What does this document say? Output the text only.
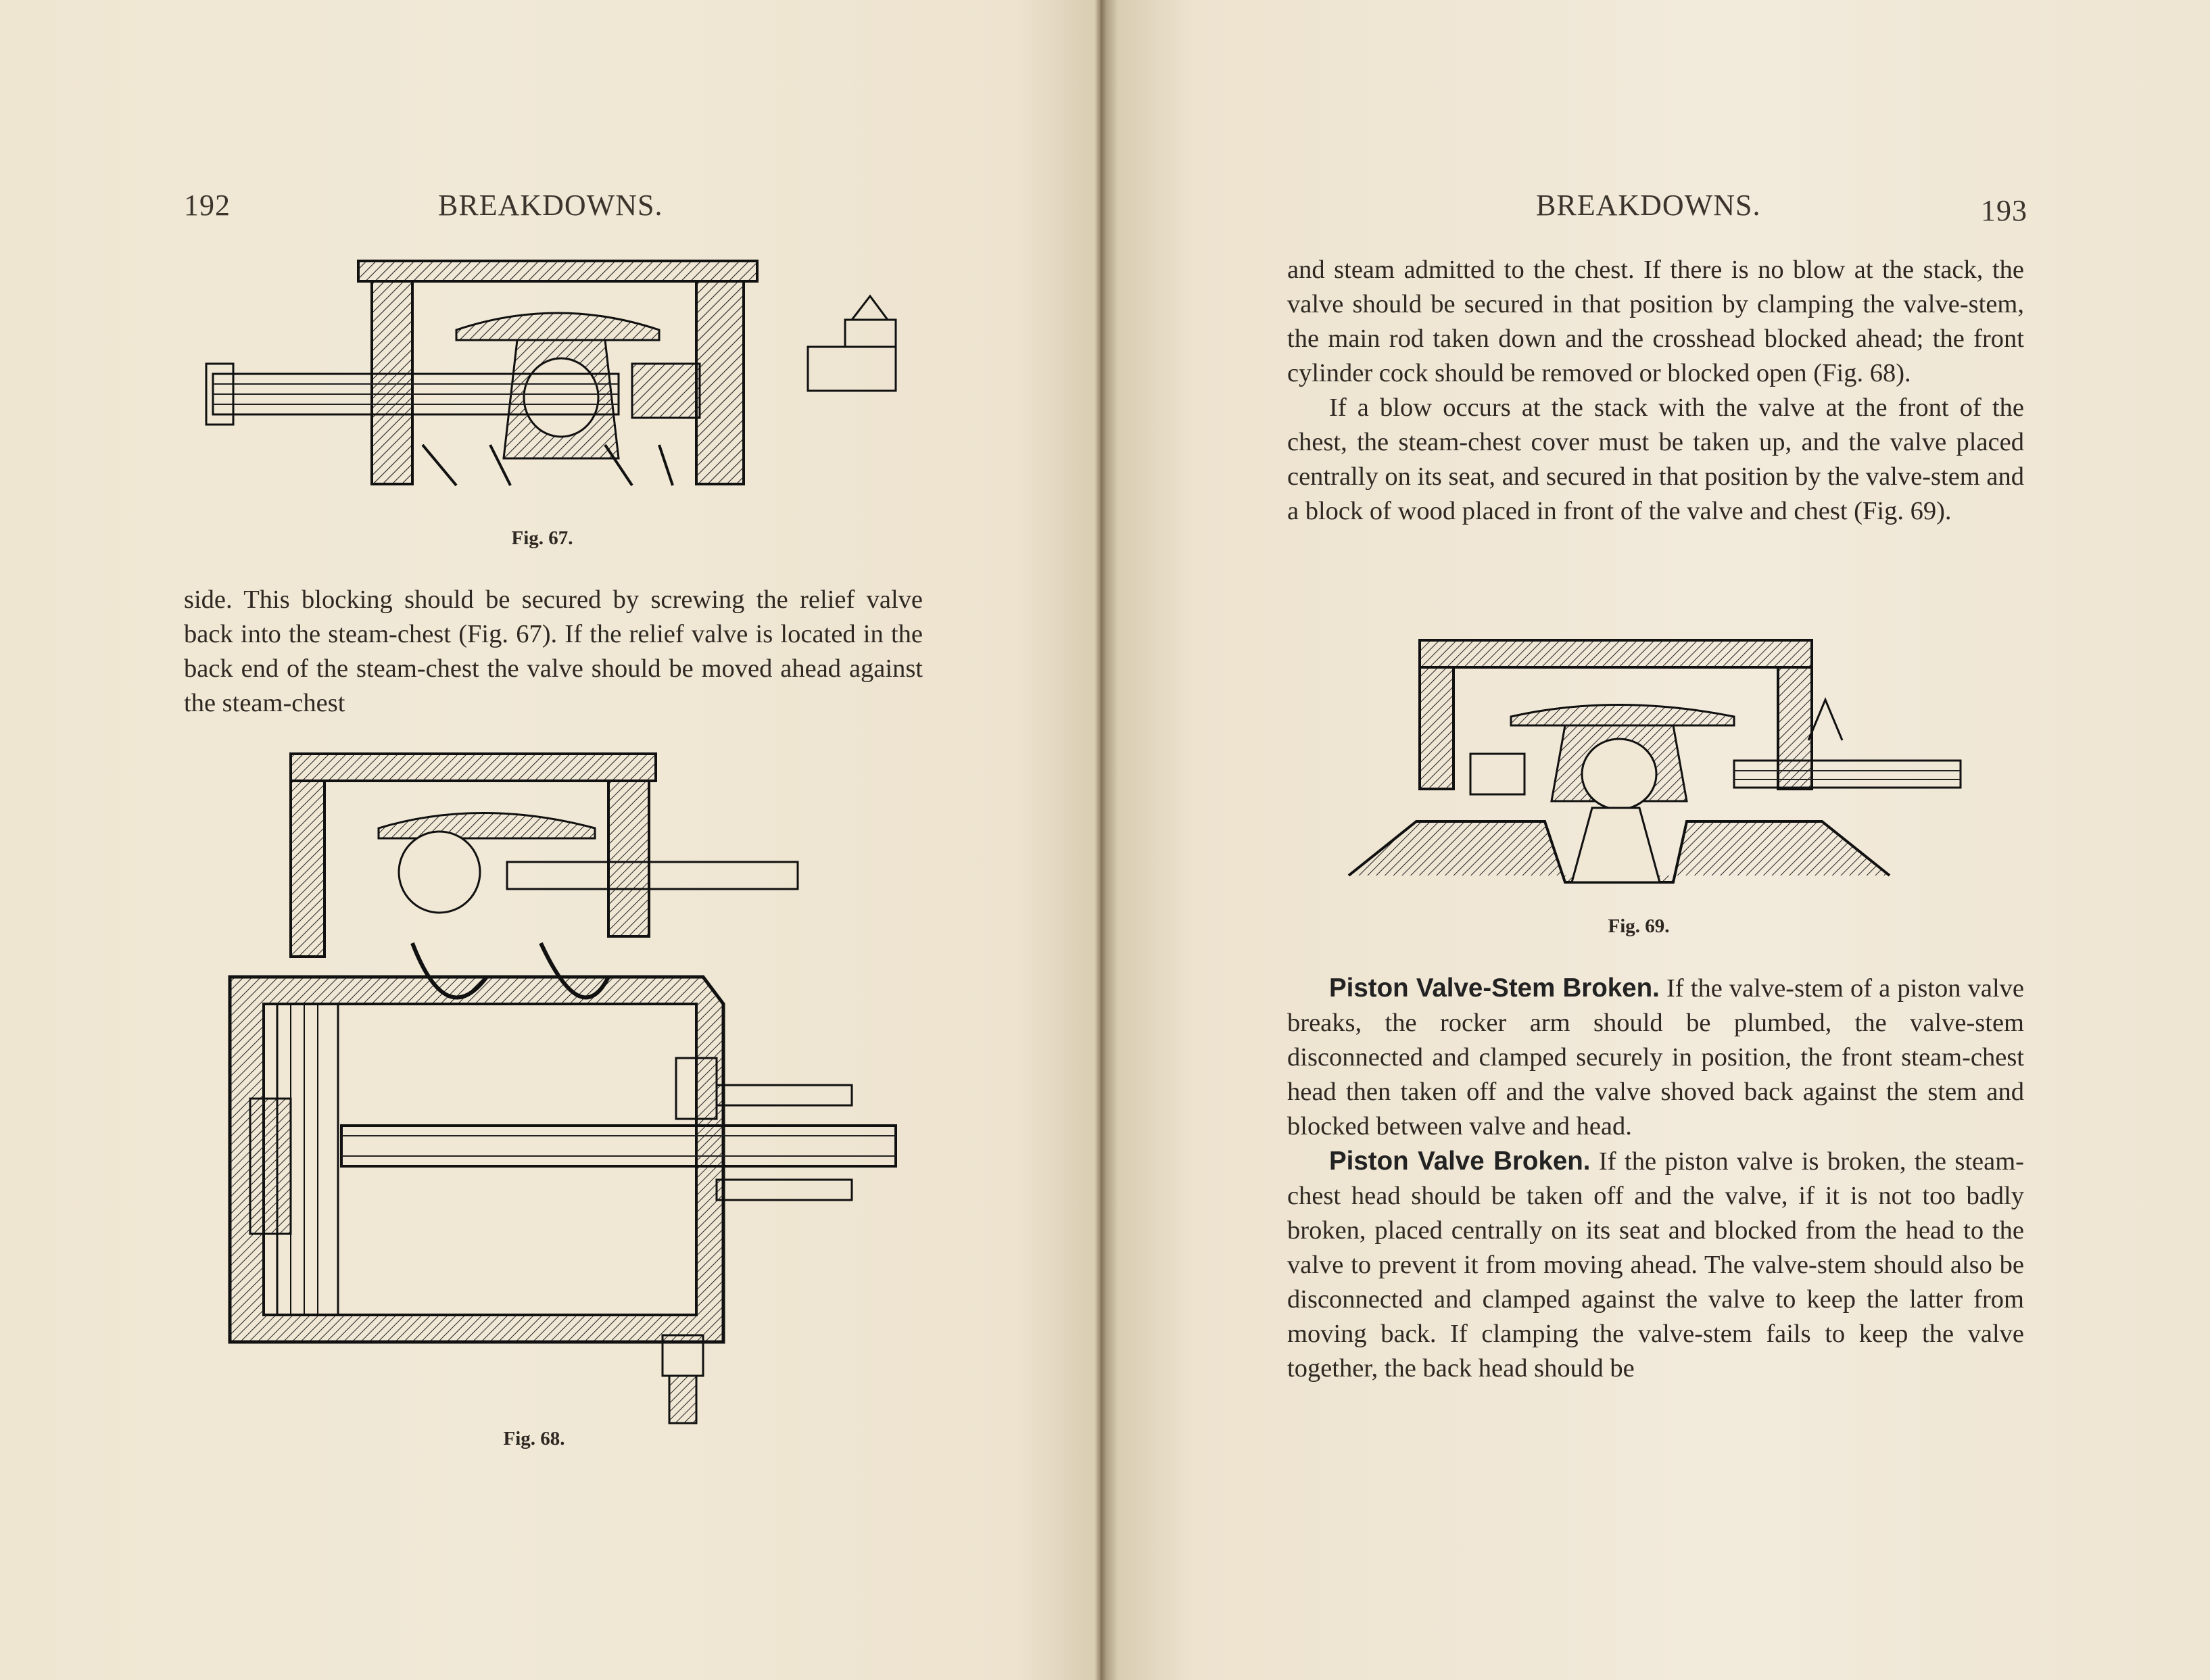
192	BREAKDOWNS.
Fig. 67.

side. This blocking should be secured by screwing the relief valve back into the steam-chest (Fig. 67). If the relief valve is located in the back end of the steam-chest the valve should be moved ahead against the steam-chest

Fig. 68.
BREAKDOWNS.	193

and steam admitted to the chest. If there is no blow at the stack, the valve should be secured in that position by clamping the valve-stem, the main rod taken down and the crosshead blocked ahead; the front cylinder cock should be removed or blocked open (Fig. 68).

If a blow occurs at the stack with the valve at the front of the chest, the steam-chest cover must be taken up, and the valve placed centrally on its seat, and secured in that position by the valve-stem and a block of wood placed in front of the valve and chest (Fig. 69).

Fig. 69.

Piston Valve-Stem Broken. If the valve-stem of a piston valve breaks, the rocker arm should be plumbed, the valve-stem disconnected and clamped securely in position, the front steam-chest head then taken off and the valve shoved back against the stem and blocked between valve and head.

Piston Valve Broken. If the piston valve is broken, the steam-chest head should be taken off and the valve, if it is not too badly broken, placed centrally on its seat and blocked from the head to the valve to prevent it from moving ahead. The valve-stem should also be disconnected and clamped against the valve to keep the latter from moving back. If clamping the valve-stem fails to keep the valve together, the back head should be
